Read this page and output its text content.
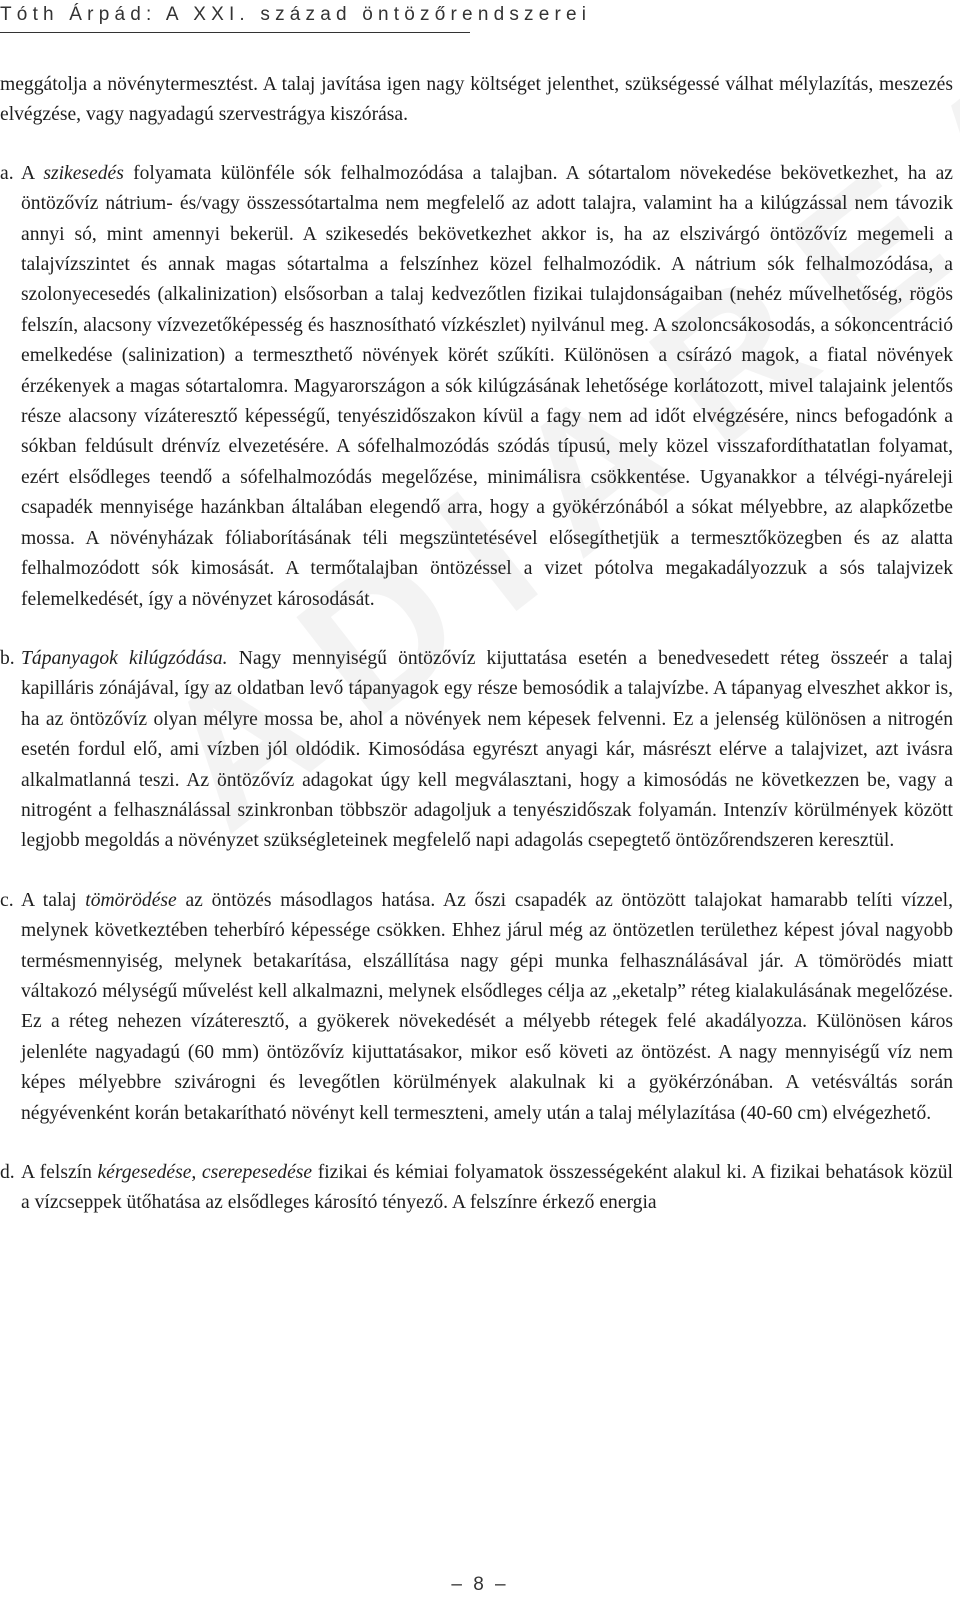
Tóth Árpád: A XXI. század öntözőrendszerei

meggátolja a növénytermesztést. A talaj javítása igen nagy költséget jelenthet, szükségessé válhat mélylazítás, meszezés elvégzése, vagy nagyadagú szervestrágya kiszórása.

a. A szikesedés folyamata különféle sók felhalmozódása a talajban. A sótartalom növekedése bekövetkezhet, ha az öntözővíz nátrium- és/vagy összessótartalma nem megfelelő az adott talajra, valamint ha a kilúgzással nem távozik annyi só, mint amennyi bekerül. A szikesedés bekövetkezhet akkor is, ha az elszivárgó öntözővíz megemeli a talajvízszintet és annak magas sótartalma a felszínhez közel felhalmozódik. A nátrium sók felhalmozódása, a szolonyecesedés (alkalinization) elsősorban a talaj kedvezőtlen fizikai tulajdonságaiban (nehéz művelhetőség, rögös felszín, alacsony vízvezetőképesség és hasznosítható vízkészlet) nyilvánul meg. A szoloncsákosodás, a sókoncentráció emelkedése (salinization) a termeszthető növények körét szűkíti. Különösen a csírázó magok, a fiatal növények érzékenyek a magas sótartalomra. Magyarországon a sók kilúgzásának lehetősége korlátozott, mivel talajaink jelentős része alacsony vízáteresztő képességű, tenyészidőszakon kívül a fagy nem ad időt elvégzésére, nincs befogadónk a sókban feldúsult drénvíz elvezetésére. A sófelhalmozódás szódás típusú, mely közel visszafordíthatatlan folyamat, ezért elsődleges teendő a sófelhalmozódás megelőzése, minimálisra csökkentése. Ugyanakkor a télvégi-nyáreleji csapadék mennyisége hazánkban általában elegendő arra, hogy a gyökérzónából a sókat mélyebbre, az alapkőzetbe mossa. A növényházak fóliaborításának téli megszüntetésével elősegíthetjük a termesztőközegben és az alatta felhalmozódott sók kimosását. A termőtalajban öntözéssel a vizet pótolva megakadályozzuk a sós talajvizek felemelkedését, így a növényzet károsodását.

b. Tápanyagok kilúgzódása. Nagy mennyiségű öntözővíz kijuttatása esetén a benedvesedett réteg összeér a talaj kapilláris zónájával, így az oldatban levő tápanyagok egy része bemosódik a talajvízbe. A tápanyag elveszhet akkor is, ha az öntözővíz olyan mélyre mossa be, ahol a növények nem képesek felvenni. Ez a jelenség különösen a nitrogén esetén fordul elő, ami vízben jól oldódik. Kimosódása egyrészt anyagi kár, másrészt elérve a talajvizet, azt ivásra alkalmatlanná teszi. Az öntözővíz adagokat úgy kell megválasztani, hogy a kimosódás ne következzen be, vagy a nitrogént a felhasználással szinkronban többször adagoljuk a tenyészidőszak folyamán. Intenzív körülmények között legjobb megoldás a növényzet szükségleteinek megfelelő napi adagolás csepegtető öntözőrendszeren keresztül.

c. A talaj tömörödése az öntözés másodlagos hatása. Az őszi csapadék az öntözött talajokat hamarabb telíti vízzel, melynek következtében teherbíró képessége csökken. Ehhez járul még az öntözetlen területhez képest jóval nagyobb termésmennyiség, melynek betakarítása, elszállítása nagy gépi munka felhasználásával jár. A tömörödés miatt váltakozó mélységű művelést kell alkalmazni, melynek elsődleges célja az „eketalp” réteg kialakulásának megelőzése. Ez a réteg nehezen vízáteresztő, a gyökerek növekedését a mélyebb rétegek felé akadályozza. Különösen káros jelenléte nagyadagú (60 mm) öntözővíz kijuttatásakor, mikor eső követi az öntözést. A nagy mennyiségű víz nem képes mélyebbre szivárogni és levegőtlen körülmények alakulnak ki a gyökérzónában. A vetésváltás során négyévenként korán betakarítható növényt kell termeszteni, amely után a talaj mélylazítása (40-60 cm) elvégezhető.

d. A felszín kérgesedése, cserepesedése fizikai és kémiai folyamatok összességeként alakul ki. A fizikai behatások közül a vízcseppek ütőhatása az elsődleges károsító tényező. A felszínre érkező energia

– 8 –
